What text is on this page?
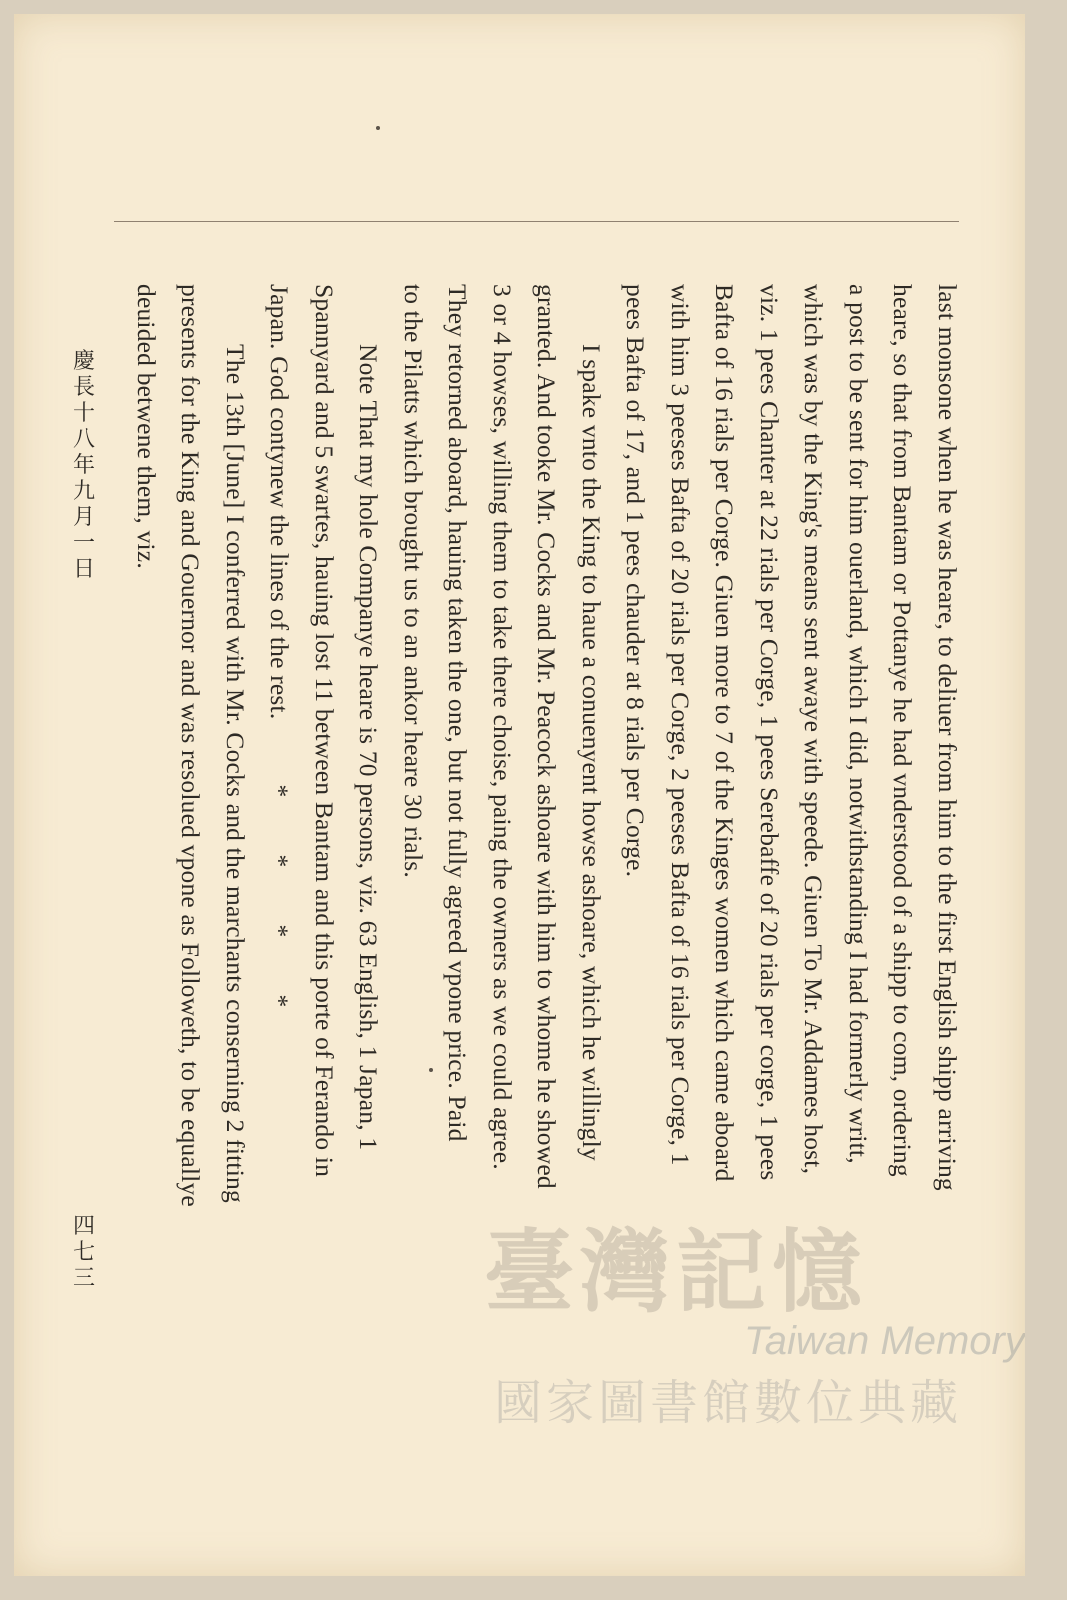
慶
長
十
八
年
九
月
一
日
四
七
三
last monsone when he was heare, to deliuer from him to the first English shipp arriving
heare, so that from Bantam or Pottanye he had vnderstood of a shipp to com, ordering
a post to be sent for him ouerland, which I did, notwithstanding I had formerly writt,
which was by the King's means sent awaye with speede. Giuen To Mr. Addames host,
viz. 1 pees Chanter at 22 rials per Corge, 1 pees Serebaffe of 20 rials per corge, 1 pees
Bafta of 16 rials per Corge. Giuen more to 7 of the Kinges women which came aboard
with him 3 peeses Bafta of 20 rials per Corge, 2 peeses Bafta of 16 rials per Corge, 1
pees Bafta of 17, and 1 pees chauder at 8 rials per Corge.
I spake vnto the King to haue a conuenyent howse ashoare, which he willingly
granted. And tooke Mr. Cocks and Mr. Peacock ashoare with him to whome he showed
3 or 4 howses, willing them to take there choise, paing the owners as we could agree.
They retorned aboard, hauing taken the one, but not fully agreed vpone price. Paid
to the Pilatts which brought us to an ankor heare 30 rials.
Note That my hole Companye heare is 70 persons, viz. 63 English, 1 Japan, 1
Spannyard and 5 swartes, hauing lost 11 between Bantam and this porte of Ferando in
Japan. God contynew the lines of the rest. ****
The 13th [June] I conferred with Mr. Cocks and the marchants conserning 2 fitting
presents for the King and Gouernor and was resolued vpone as Followeth, to be equallye
deuided betwene them, viz.
臺灣記憶
Taiwan Memory
國家圖書館數位典藏
